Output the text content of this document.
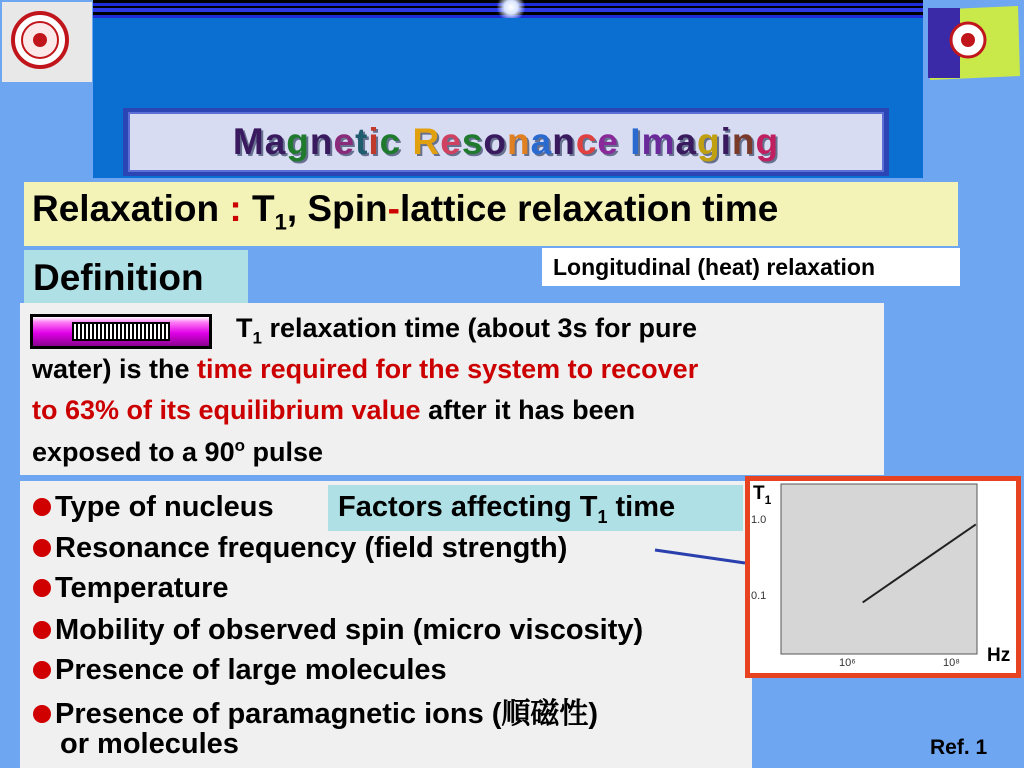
Magnetic Resonance Imaging
Relaxation : $T_1$, Spin-lattice relaxation time
Definition	Longitudinal (heat) relaxation
$T_1$ relaxation time (about 3s for pure
water) is the time required for the system to recover
to 63% of its equilibrium value after it has been
exposed to a 90$^o$ pulse
Factors affecting $T_1$ time
Type of nucleus
Resonance frequency (field strength)
Temperature
Mobility of observed spin (micro viscosity)
Presence of large molecules
Presence of paramagnetic ions (順磁性)
or molecules
$T_1$
1.0
0.1
10⁶	10⁸ Hz
Ref. 1
